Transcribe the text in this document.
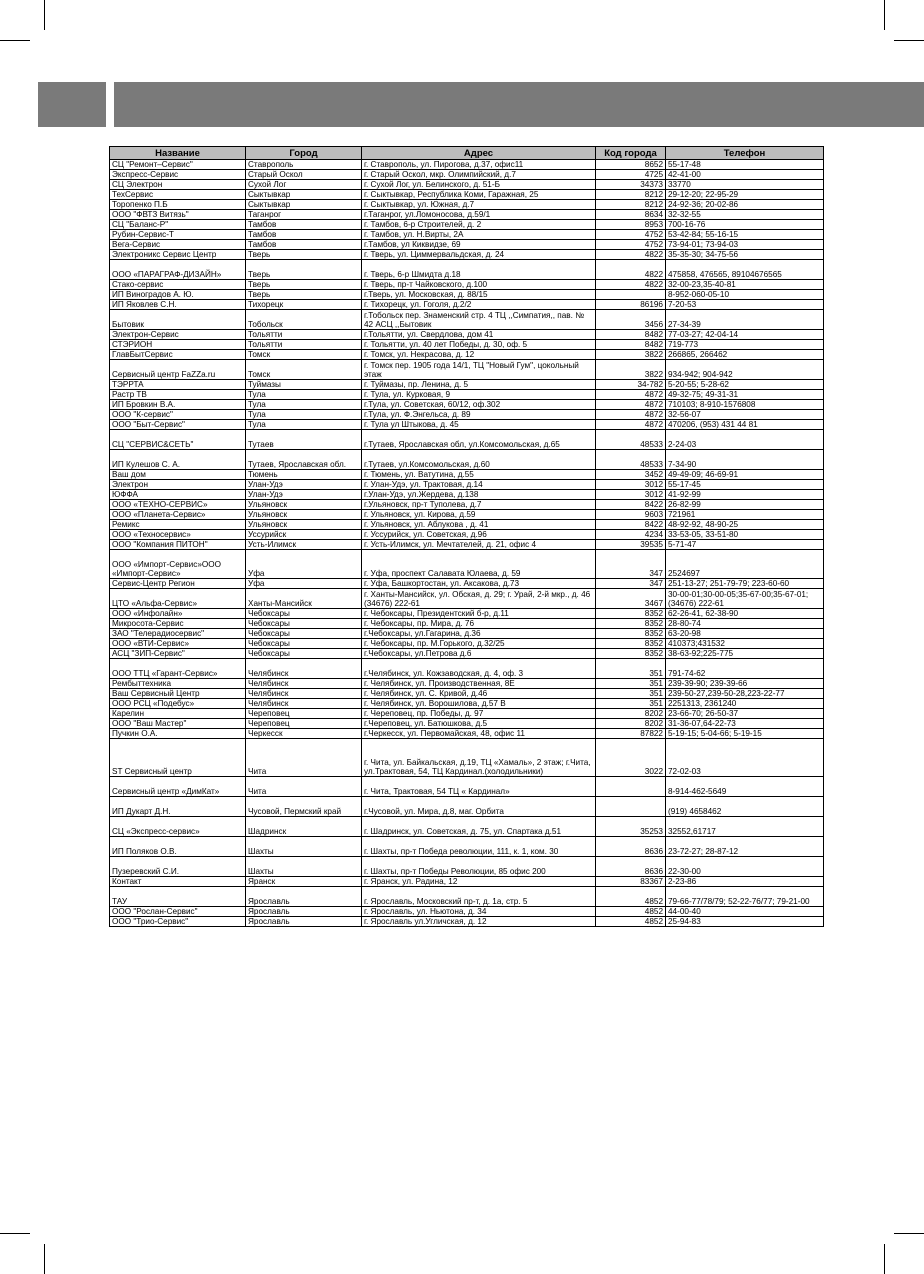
Название	Город	Адрес	Код города	Телефон
СЦ "Ремонт–Сервис"	Ставрополь	г. Ставрополь, ул. Пирогова, д.37, офис11	8652	55-17-48
Экспресс-Сервис	Старый Оскол	г. Старый Оскол, мкр. Олимпийский, д.7	4725	42-41-00
СЦ Электрон	Сухой Лог	г. Сухой Лог, ул. Белинского, д. 51-Б	34373	33770
ТехСервис	Сыктывкар	г. Сыктывкар, Республика Коми, Гаражная, 25	8212	29-12-20; 22-95-29
Торопенко П.Б	Сыктывкар	г. Сыктывкар, ул. Южная, д.7	8212	24-92-36; 20-02-86
ООО "ФВТЗ Витязь"	Таганрог	г.Таганрог, ул.Ломоносова, д.59/1	8634	32-32-55
СЦ "Баланс-Р"	Тамбов	г. Тамбов, 6-р Строителей, д. 2	8953	700-16-76
Рубин-Сервис-Т	Тамбов	г. Тамбов, ул. Н.Вирты, 2А	4752	53-42-84; 55-16-15
Вега-Сервис	Тамбов	г.Тамбов, ул Киквидзе, 69	4752	73-94-01; 73-94-03
Электроникс Сервис Центр	Тверь	г. Тверь, ул. Циммервальдская, д. 24	4822	35-35-30; 34-75-56
ООО «ПАРАГРАФ-ДИЗАЙН»	Тверь	г. Тверь, 6-р Шмидта д.18	4822	475858, 476565, 89104676565
Стако-сервис	Тверь	г. Тверь, пр-т Чайковского, д.100	4822	32-00-23,35-40-81
ИП Виноградов А. Ю.	Тверь	г.Тверь, ул. Московская, д. 88/15		8-952-060-05-10
ИП Яковлев С.Н.	Тихорецк	г. Тихорецк, ул. Гоголя, д.2/2	86196	7-20-53
Бытовик	Тобольск	г.Тобольск пер. Знаменский стр. 4 ТЦ ,,Симпатия,, пав. № 42 АСЦ ,,Бытовик	3456	27-34-39
Электрон-Сервис	Тольятти	г.Тольятти, ул. Свердлова, дом 41	8482	77-03-27; 42-04-14
СТЭРИОН	Тольятти	г. Тольятти, ул. 40 лет Победы, д. 30, оф. 5	8482	719-773
ГлавБытСервис	Томск	г. Томск, ул. Некрасова, д. 12	3822	266865, 266462
Сервисный центр FaZZa.ru	Томск	г. Томск пер. 1905 года 14/1, ТЦ "Новый Гум", цокольный этаж	3822	934-942; 904-942
ТЭРРТА	Туймазы	г. Туймазы, пр. Ленина, д. 5	34-782	5-20-55; 5-28-62
Растр ТВ	Тула	г. Тула, ул. Курковая, 9	4872	49-32-75; 49-31-31
ИП Бровкин В.А.	Тула	г.Тула, ул. Советская, 60/12, оф.302	4872	710103; 8-910-1576808
ООО "К-сервис"	Тула	г.Тула, ул. Ф.Энгельса, д. 89	4872	32-56-07
ООО "Быт-Сервис"	Тула	г. Тула ул Штыкова, д. 45	4872	470206, (953) 431 44 81
СЦ "СЕРВИС&СЕТЬ"	Тутаев	г.Тутаев, Ярославская обл, ул.Комсомольская, д.65	48533	2-24-03
ИП Кулешов С. А.	Тутаев, Ярославская обл.	г.Тутаев, ул.Комсомольская, д.60	48533	7-34-90
Ваш дом	Тюмень	г. Тюмень, ул. Ватутина, д.55	3452	49-49-09; 46-69-91
Электрон	Улан-Удэ	г. Улан-Удэ, ул. Трактовая, д.14	3012	55-17-45
ЮФФА	Улан-Удэ	г.Улан-Удэ, ул.Жердева, д.138	3012	41-92-99
ООО «ТЕХНО-СЕРВИС»	Ульяновск	г.Ульяновск, пр-т Туполева, д.7	8422	26-82-99
ООО «Планета-Сервис»	Ульяновск	г. Ульяновск, ул. Кирова, д.59	9603	721961
Ремикс	Ульяновск	г. Ульяновск, ул. Аблукова , д. 41	8422	48-92-92, 48-90-25
ООО «Техносервис»	Уссурийск	г. Уссурийск, ул. Советская, д.96	4234	33-53-05, 33-51-80
ООО "Компания ПИТОН"	Усть-Илимск	г. Усть-Илимск, ул. Мечтателей, д. 21, офис 4	39535	5-71-47
ООО «Импорт-Сервис»ООО «Импорт-Сервис»	Уфа	г. Уфа, проспект Салавата Юлаева, д. 59	347	2524697
Сервис-Центр Регион	Уфа	г. Уфа, Башкортостан, ул. Аксакова, д.73	347	251-13-27; 251-79-79; 223-60-60
ЦТО «Альфа-Сервис»	Ханты-Мансийск	г. Ханты-Мансийск, ул. Обская, д. 29; г. Урай, 2-й мкр., д. 46 (34676) 222-61	3467	30-00-01;30-00-05;35-67-00;35-67-01;(34676) 222-61
ООО «Инфолайн»	Чебоксары	г. Чебоксары, Президентский б-р, д.11	8352	62-26-41, 62-38-90
Микросота-Сервис	Чебоксары	г. Чебоксары, пр. Мира, д. 76	8352	28-80-74
ЗАО "Телерадиосервис"	Чебоксары	г.Чебоксары, ул.Гагарина, д.36	8352	63-20-98
ООО «ВТИ-Сервис»	Чебоксары	г. Чебоксары, пр. М.Горького, д.32/25	8352	410373;431532
АСЦ "ЗИП-Сервис"	Чебоксары	г.Чебоксары, ул.Петрова д.6	8352	38-63-92;225-775
ООО ТТЦ «Гарант-Сервис»	Челябинск	г.Челябинск, ул. Кожзаводская, д. 4, оф. 3	351	791-74-62
Рембыттехника	Челябинск	г. Челябинск, ул. Производственная, 8Е	351	239-39-90; 239-39-66
Ваш Сервисный Центр	Челябинск	г. Челябинск, ул. С. Кривой, д.46	351	239-50-27,239-50-28,223-22-77
ООО РСЦ «Подебус»	Челябинск	г. Челябинск, ул. Ворошилова, д.57 В	351	2251313, 2361240
Карелин	Череповец	г. Череповец, пр. Победы, д. 97	8202	23-66-70; 26-50-37
ООО "Ваш Мастер"	Череповец	г.Череповец, ул. Батюшкова, д.5	8202	31-36-07,64-22-73
Пучкин О.А.	Черкесск	г.Черкесск, ул. Первомайская, 48, офис 11	87822	5-19-15; 5-04-66; 5-19-15
ST Сервисный центр	Чита	г. Чита, ул. Байкальская, д.19, ТЦ «Хамаль», 2 этаж; г.Чита, ул.Трактовая, 54, ТЦ Кардинал.(холодильники)	3022	72-02-03
Сервисный центр «ДимКат»	Чита	г. Чита, Трактовая, 54 ТЦ « Кардинал»		8-914-462-5649
ИП Дукарт Д.Н.	Чусовой, Пермский край	г.Чусовой, ул. Мира, д.8, маг. Орбита		(919) 4658462
СЦ «Экспресс-сервис»	Шадринск	г. Шадринск, ул. Советская, д. 75, ул. Спартака д.51	35253	32552,61717
ИП Поляков О.В.	Шахты	г. Шахты, пр-т Победа революции, 111, к. 1, ком. 30	8636	23-72-27; 28-87-12
Пузеревский С.И.	Шахты	г. Шахты, пр-т Победы Революции, 85 офис 200	8636	22-30-00
Контакт	Яранск	г. Яранск, ул. Радина, 12	83367	2-23-86
ТАУ	Ярославль	г. Ярославль, Московский пр-т, д. 1а, стр. 5	4852	79-66-77/78/79; 52-22-76/77; 79-21-00
ООО "Рослан-Сервис"	Ярославль	г. Ярославль, ул. Ньютона, д. 34	4852	44-00-40
ООО "Трио-Сервис"	Ярославль	г. Ярославль ул.Угличская, д. 12	4852	25-94-83
